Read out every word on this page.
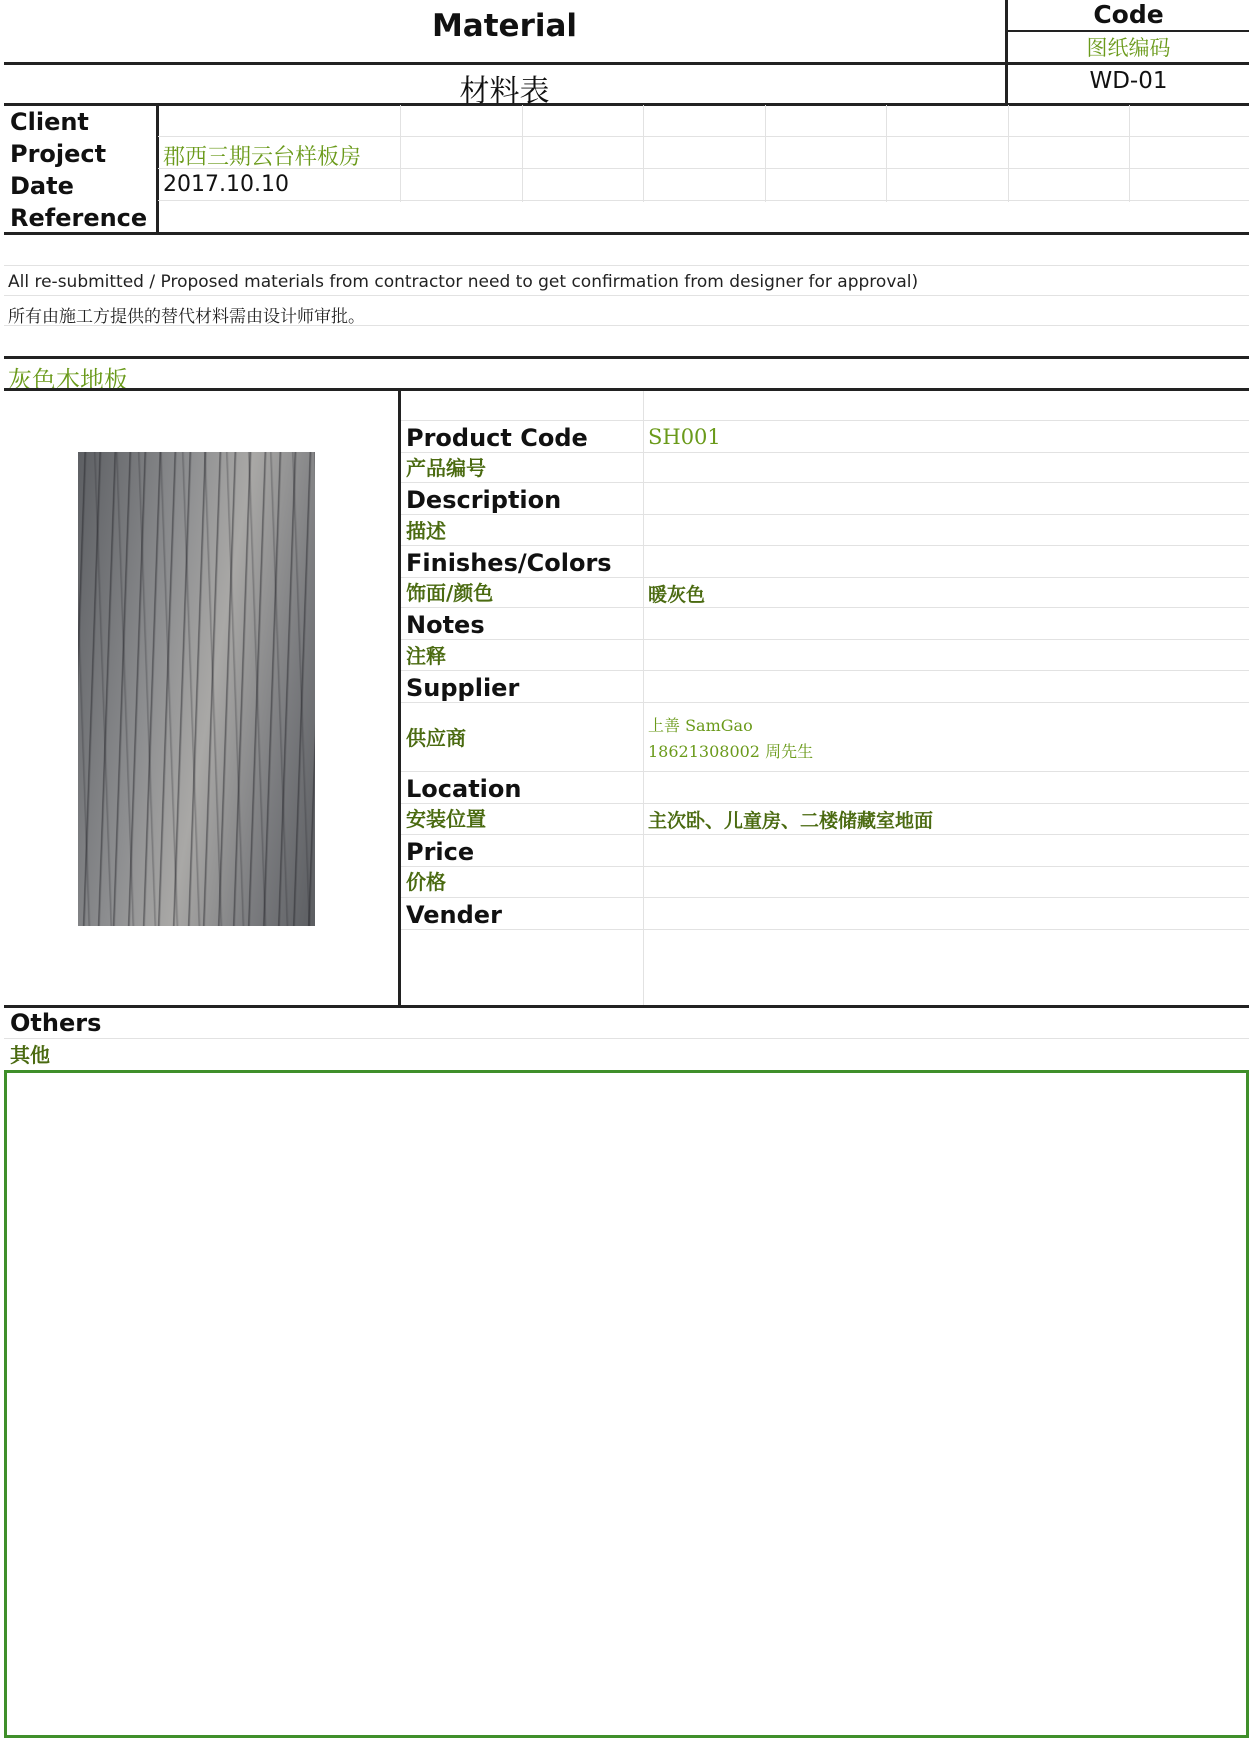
Material
材料表
Code
图纸编码
WD-01
Client
Project
Date
Reference
郡西三期云台样板房
2017.10.10
All re-submitted / Proposed materials from contractor need to get confirmation from designer for approval)
所有由施工方提供的替代材料需由设计师审批。
灰色木地板
Product Code
产品编号
SH001
Description
描述
Finishes/Colors
饰面/颜色	暖灰色
Notes
注释
Supplier
供应商
上善 SamGao
18621308002 周先生
Location
安装位置	主次卧、儿童房、二楼储藏室地面
Price
价格
Vender
Others
其他
